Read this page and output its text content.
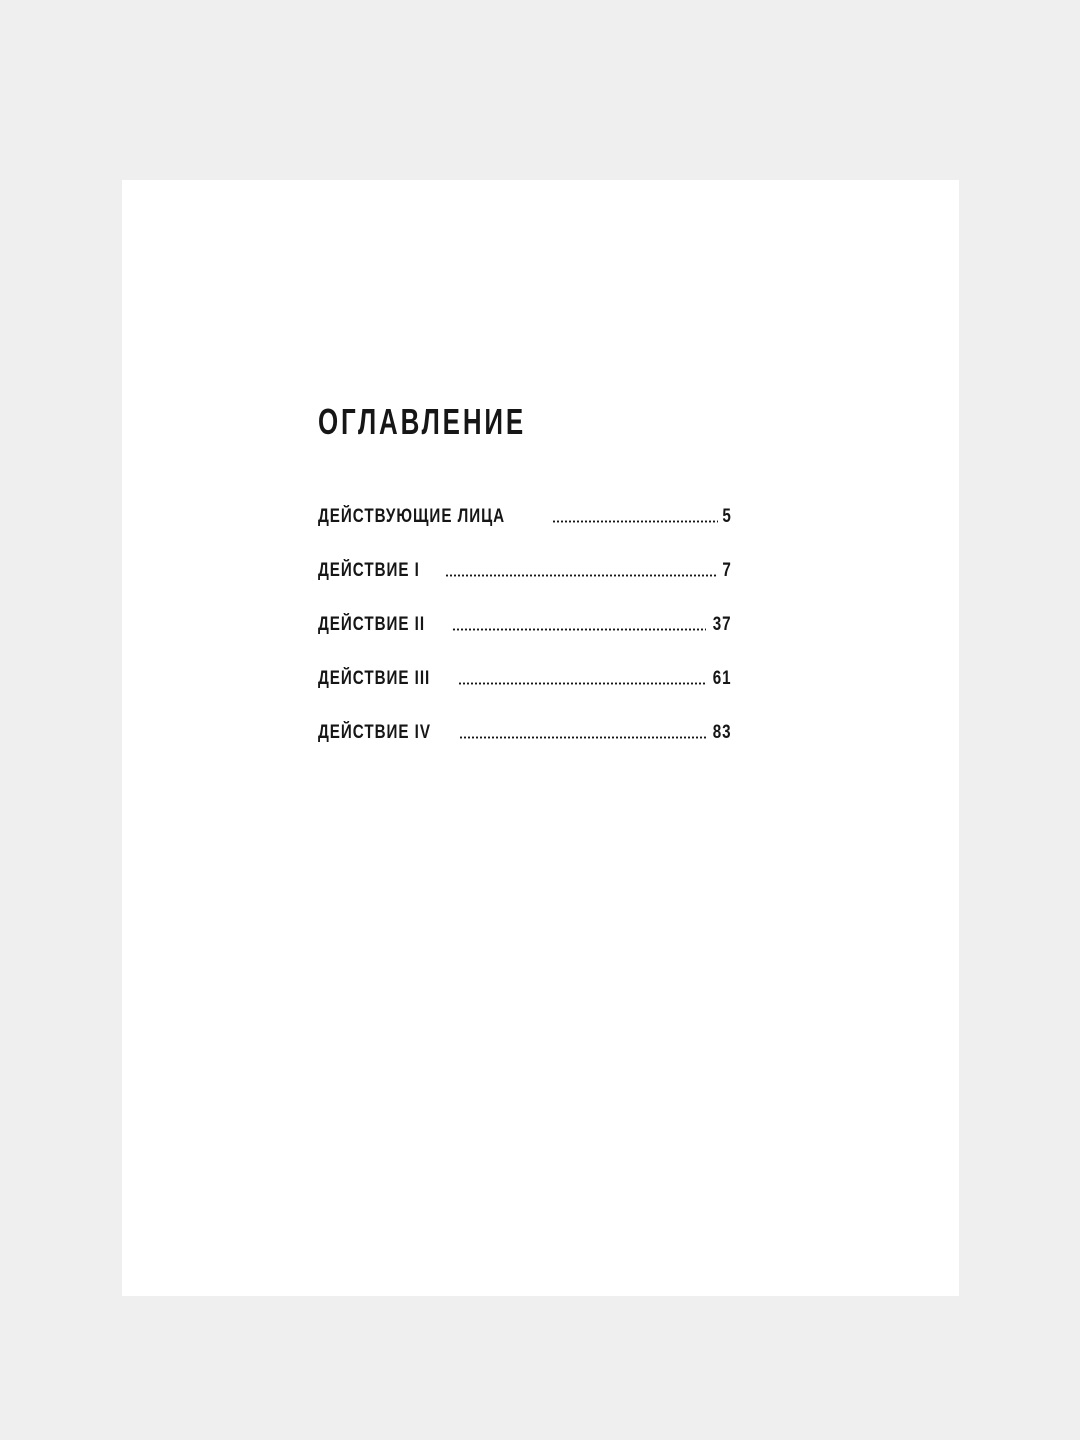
ОГЛАВЛЕНИЕ
ДЕЙСТВУЮЩИЕ ЛИЦА	5
ДЕЙСТВИЕ I	7
ДЕЙСТВИЕ II	37
ДЕЙСТВИЕ III	61
ДЕЙСТВИЕ IV	83
